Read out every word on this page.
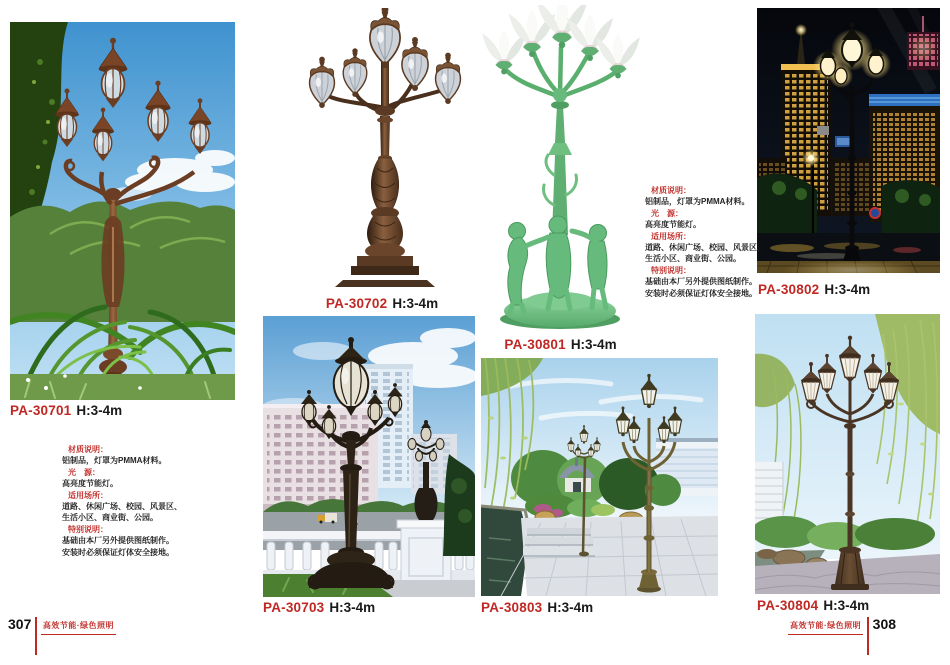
PA-30701 H:3-4m
PA-30702 H:3-4m
PA-30801 H:3-4m
PA-30802 H:3-4m
PA-30703 H:3-4m	PA-30803 H:3-4m	PA-30804 H:3-4m
材质说明：
铝制品，灯罩为PMMA材料。
光　源：
高亮度节能灯。
适用场所：
道路、休闲广场、校园、风景区、
生活小区、商业街、公园。
特别说明：
基础由本厂另外提供图纸制作。
安装时必须保证灯体安全接地。
材质说明：
铝制品，灯罩为PMMA材料。
光　源：
高亮度节能灯。
适用场所：
道路、休闲广场、校园、风景区、
生活小区、商业街、公园。
特别说明：
基础由本厂另外提供图纸制作。
安装时必须保证灯体安全接地。
307 高效节能·绿色照明	高效节能·绿色照明 308
